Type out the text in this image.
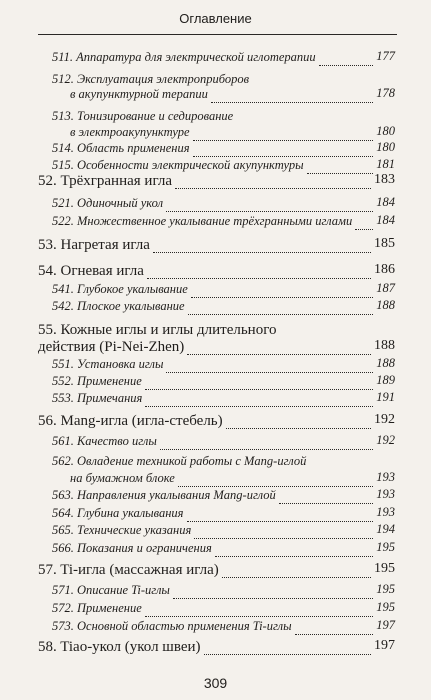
Оглавление
511. Аппаратура для электрической иглотерапии	177
512. Эксплуатация электроприборов
в акупунктурной терапии	178
513. Тонизирование и седирование
в электроакупунктуре	180
514. Область применения	180
515. Особенности электрической акупунктуры	181
52. Трёхгранная игла	183
521. Одиночный укол	184
522. Множественное укалывание трёхгранными иглами 184
53. Нагретая игла	185
54. Огневая игла	186
541. Глубокое укалывание	187
542. Плоское укалывание	188
55. Кожные иглы и иглы длительного
действия (Pi-Nei-Zhen)	188
551. Установка иглы	188
552. Применение	189
553. Примечания	191
56. Mang-игла (игла-стебель)	192
561. Качество иглы	192
562. Овладение техникой работы с Mang-иглой
на бумажном блоке	193
563. Направления укалывания Mang-иглой	193
564. Глубина укалывания	193
565. Технические указания	194
566. Показания и ограничения	195
57. Ti-игла (массажная игла)	195
571. Описание Ti-иглы	195
572. Применение	195
573. Основной областью применения Ti-иглы	197
58. Tiao-укол (укол швеи)	197
309
